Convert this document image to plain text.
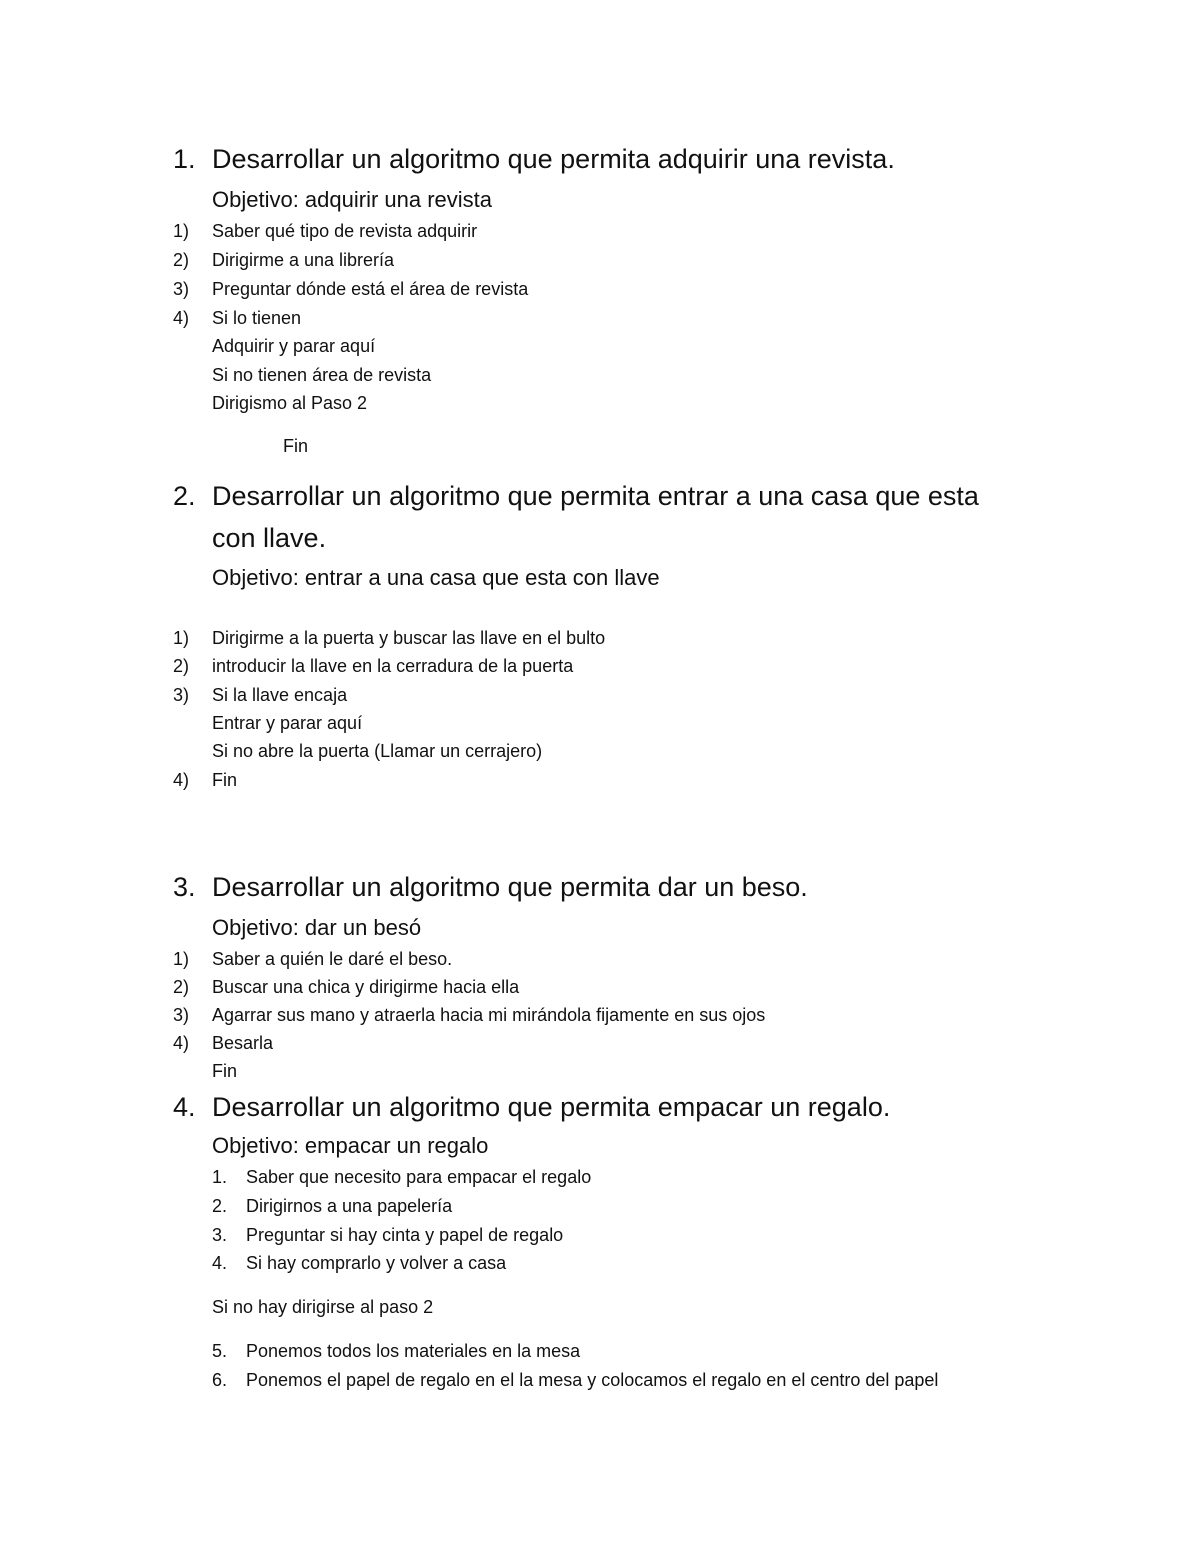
1. Desarrollar un algoritmo que permita adquirir una revista.
Objetivo: adquirir una revista
1) Saber qué tipo de revista adquirir
2) Dirigirme a una librería
3) Preguntar dónde está el área de revista
4) Si lo tienen
Adquirir y parar aquí
Si no tienen área de revista
Dirigismo al Paso 2
Fin
2. Desarrollar un algoritmo que permita entrar a una casa que esta
con llave.
Objetivo: entrar a una casa que esta con llave
1) Dirigirme a la puerta y buscar las llave en el bulto
2) introducir la llave en la cerradura de la puerta
3) Si la llave encaja
Entrar y parar aquí
Si no abre la puerta (Llamar un cerrajero)
4) Fin
3. Desarrollar un algoritmo que permita dar un beso.
Objetivo: dar un besó
1) Saber a quién le daré el beso.
2) Buscar una chica y dirigirme hacia ella
3) Agarrar sus mano y atraerla hacia mi mirándola fijamente en sus ojos
4) Besarla
Fin
4. Desarrollar un algoritmo que permita empacar un regalo.
Objetivo: empacar un regalo
1. Saber que necesito para empacar el regalo
2. Dirigirnos a una papelería
3. Preguntar si hay cinta y papel de regalo
4. Si hay comprarlo y volver a casa
Si no hay dirigirse al paso 2
5. Ponemos todos los materiales en la mesa
6. Ponemos el papel de regalo en el la mesa y colocamos el regalo en el centro del papel
